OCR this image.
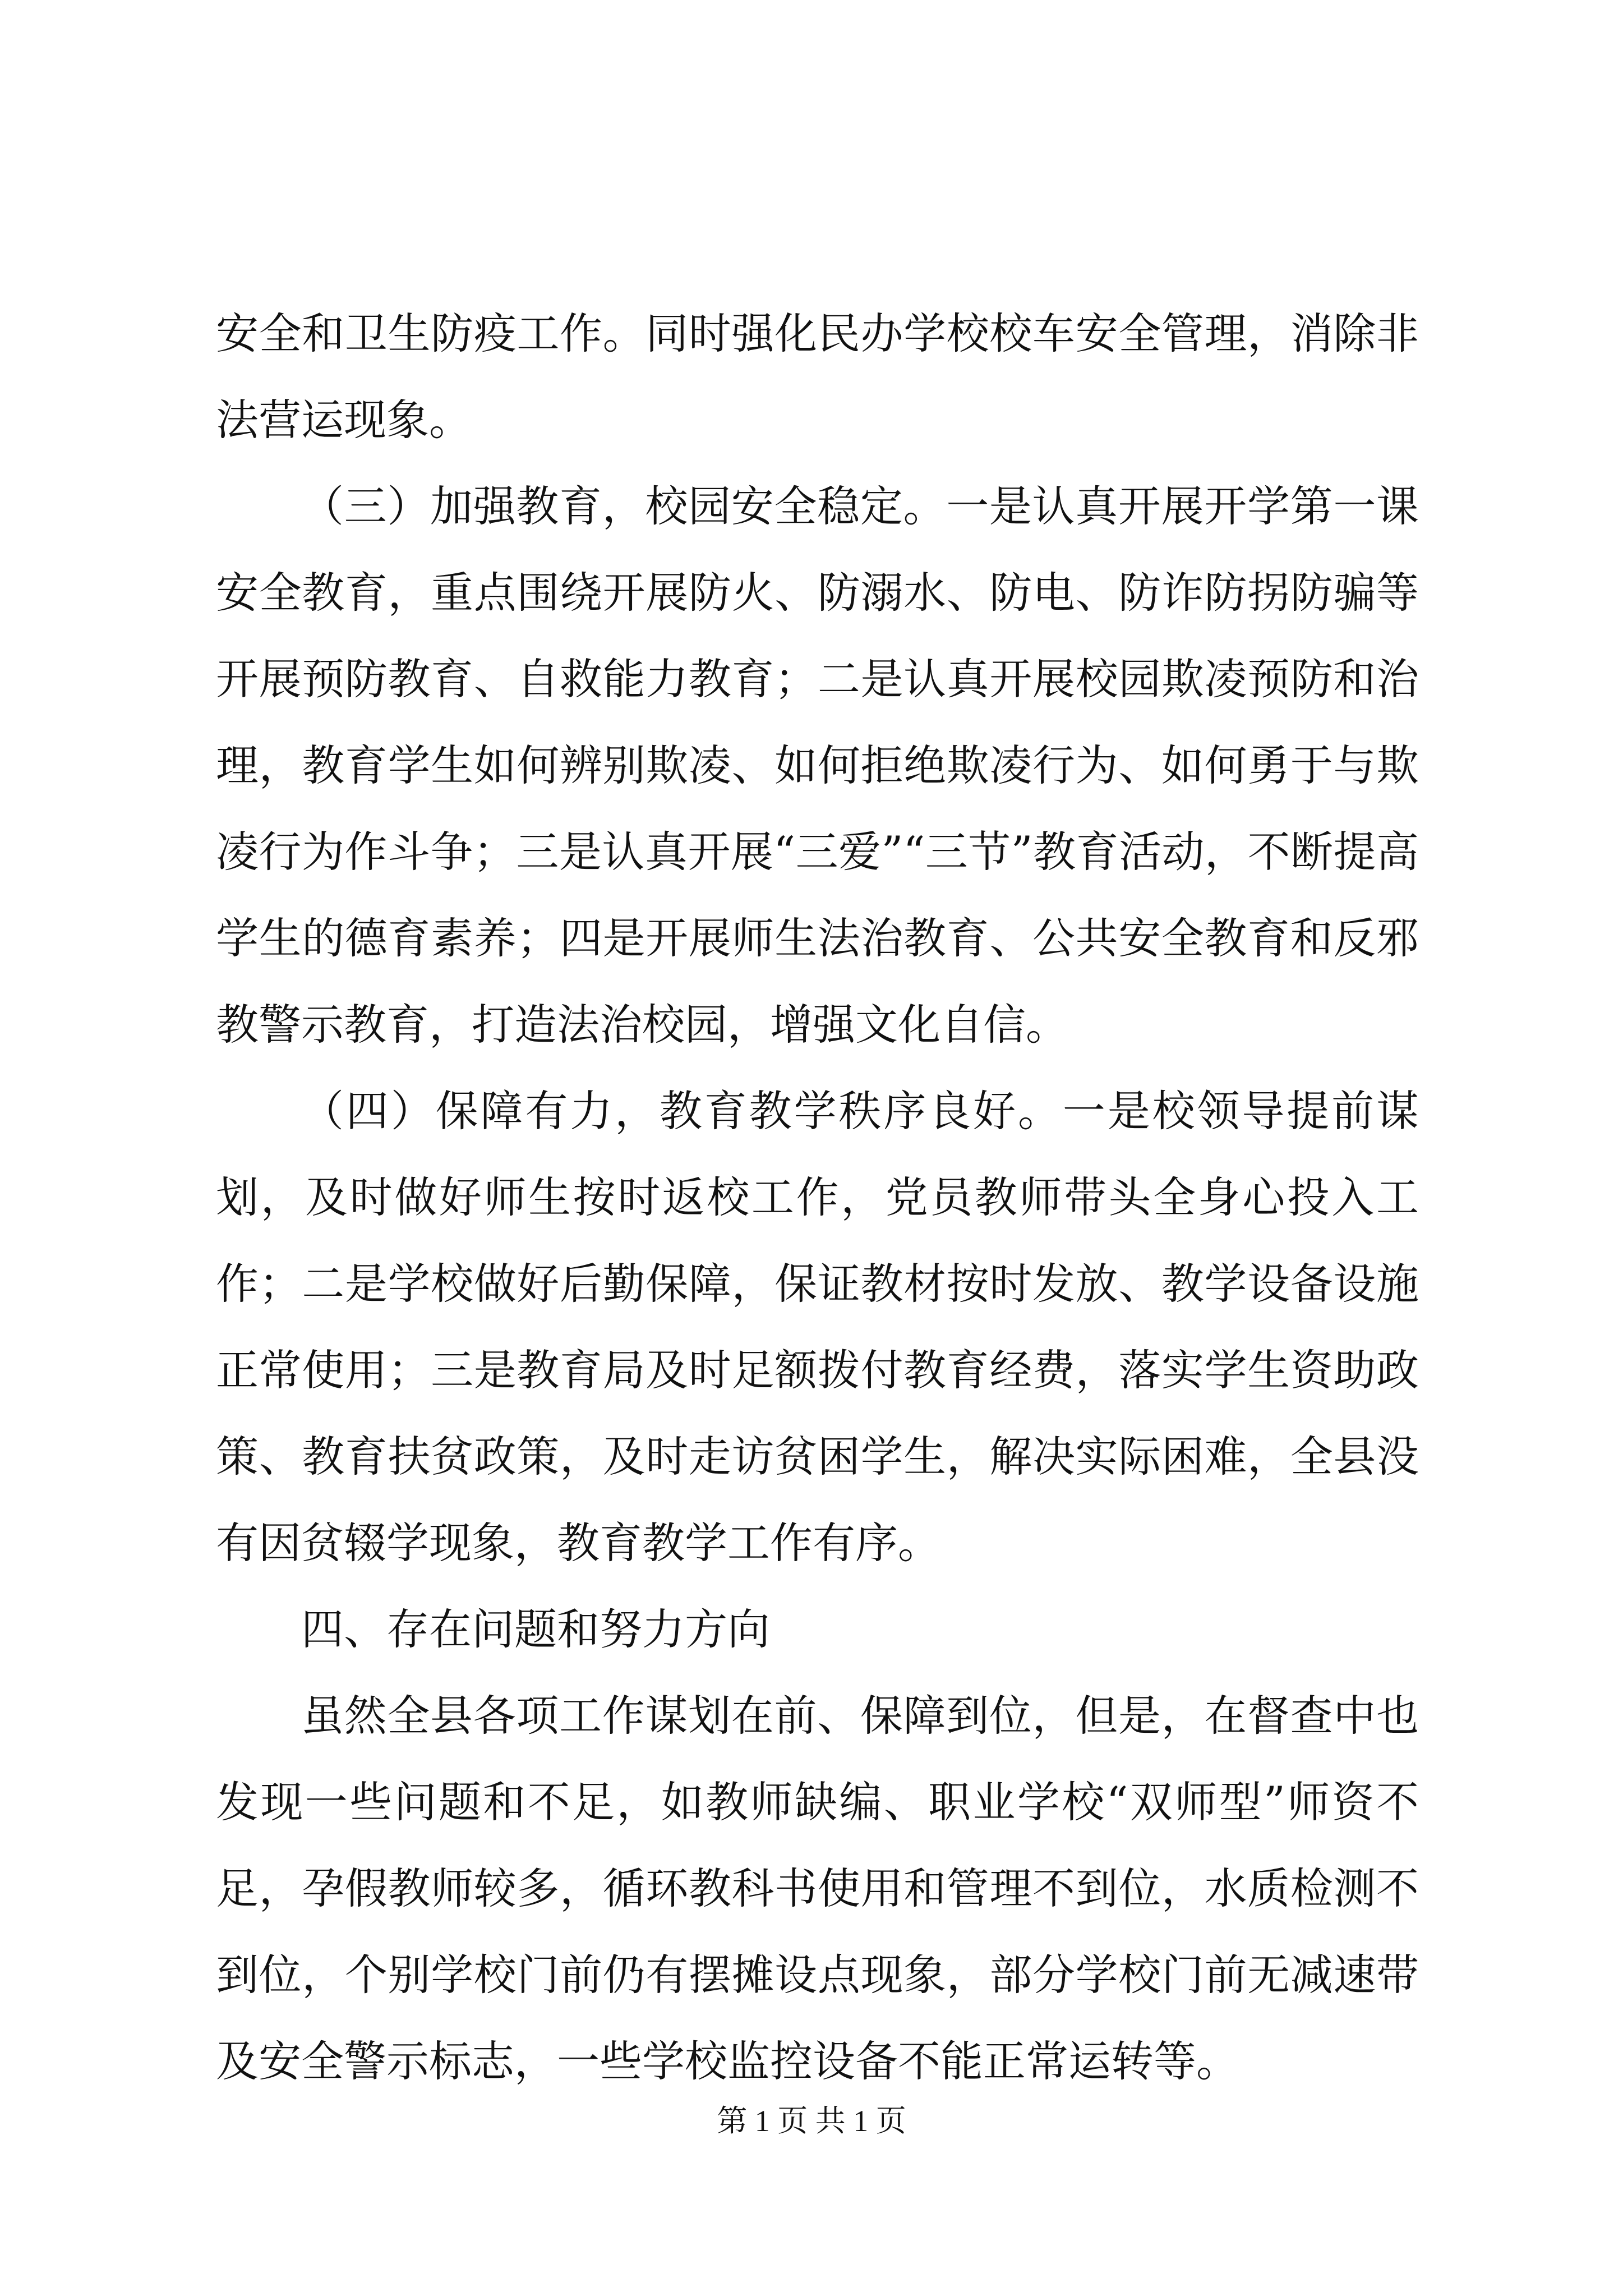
安全和卫生防疫工作。同时强化民办学校校车安全管理，消除非法营运现象。

（三）加强教育，校园安全稳定。一是认真开展开学第一课安全教育，重点围绕开展防火、防溺水、防电、防诈防拐防骗等开展预防教育、自救能力教育；二是认真开展校园欺凌预防和治理，教育学生如何辨别欺凌、如何拒绝欺凌行为、如何勇于与欺凌行为作斗争；三是认真开展“三爱”“三节”教育活动，不断提高学生的德育素养；四是开展师生法治教育、公共安全教育和反邪教警示教育，打造法治校园，增强文化自信。

（四）保障有力，教育教学秩序良好。一是校领导提前谋划，及时做好师生按时返校工作，党员教师带头全身心投入工作；二是学校做好后勤保障，保证教材按时发放、教学设备设施正常使用；三是教育局及时足额拨付教育经费，落实学生资助政策、教育扶贫政策，及时走访贫困学生，解决实际困难，全县没有因贫辍学现象，教育教学工作有序。

四、存在问题和努力方向

虽然全县各项工作谋划在前、保障到位，但是，在督查中也发现一些问题和不足，如教师缺编、职业学校“双师型”师资不足，孕假教师较多，循环教科书使用和管理不到位，水质检测不到位，个别学校门前仍有摆摊设点现象，部分学校门前无减速带及安全警示标志，一些学校监控设备不能正常运转等。

第 1 页 共 1 页
